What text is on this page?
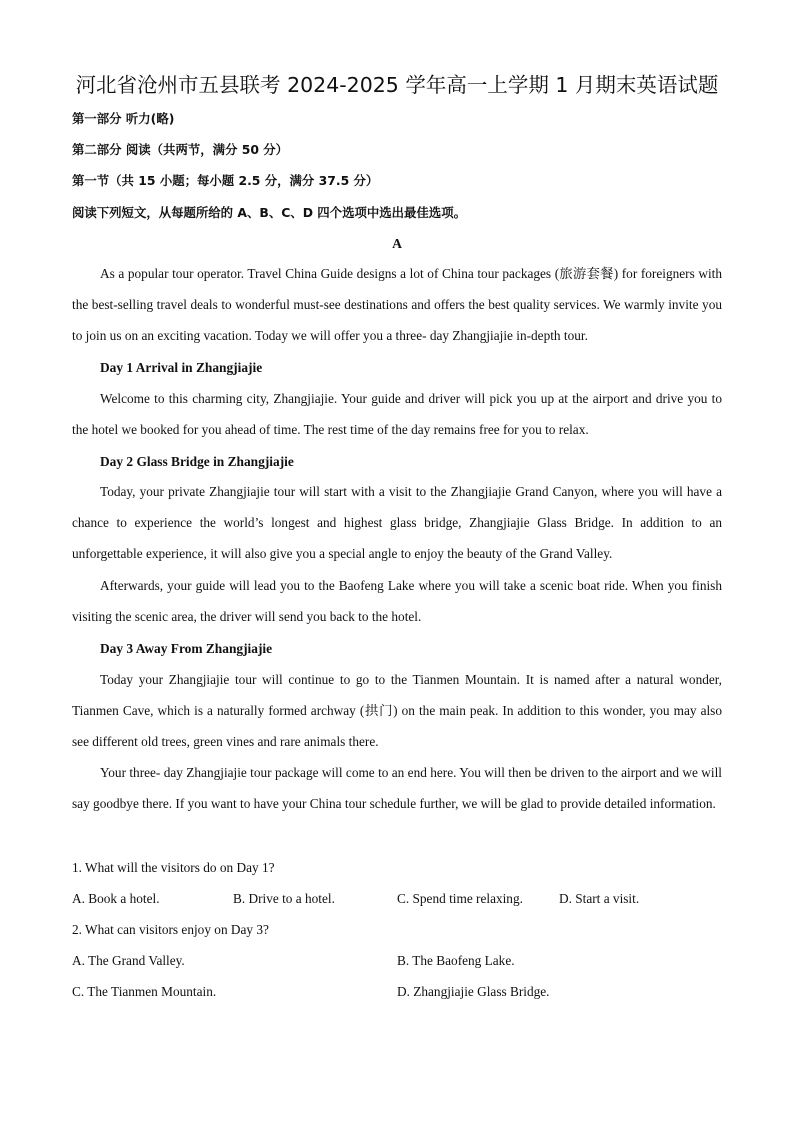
河北省沧州市五县联考 2024-2025 学年高一上学期 1 月期末英语试题
第一部分 听力(略)
第二部分 阅读（共两节，满分 50 分）
第一节（共 15 小题；每小题 2.5 分，满分 37.5 分）
阅读下列短文，从每题所给的 A、B、C、D 四个选项中选出最佳选项。
A
As a popular tour operator. Travel China Guide designs a lot of China tour packages (旅游套餐) for foreigners with the best-selling travel deals to wonderful must-see destinations and offers the best quality services. We warmly invite you to join us on an exciting vacation. Today we will offer you a three- day Zhangjiajie in-depth tour.
Day 1 Arrival in Zhangjiajie
Welcome to this charming city, Zhangjiajie. Your guide and driver will pick you up at the airport and drive you to the hotel we booked for you ahead of time. The rest time of the day remains free for you to relax.
Day 2 Glass Bridge in Zhangjiajie
Today, your private Zhangjiajie tour will start with a visit to the Zhangjiajie Grand Canyon, where you will have a chance to experience the world’s longest and highest glass bridge, Zhangjiajie Glass Bridge. In addition to an unforgettable experience, it will also give you a special angle to enjoy the beauty of the Grand Valley.
Afterwards, your guide will lead you to the Baofeng Lake where you will take a scenic boat ride. When you finish visiting the scenic area, the driver will send you back to the hotel.
Day 3 Away From Zhangjiajie
Today your Zhangjiajie tour will continue to go to the Tianmen Mountain. It is named after a natural wonder, Tianmen Cave, which is a naturally formed archway (拱门) on the main peak. In addition to this wonder, you may also see different old trees, green vines and rare animals there.
Your three- day Zhangjiajie tour package will come to an end here. You will then be driven to the airport and we will say goodbye there. If you want to have your China tour schedule further, we will be glad to provide detailed information.
1. What will the visitors do on Day 1?
A. Book a hotel.	B. Drive to a hotel.	C. Spend time relaxing.	D. Start a visit.
2. What can visitors enjoy on Day 3?
A. The Grand Valley.	B. The Baofeng Lake.
C. The Tianmen Mountain.	D. Zhangjiajie Glass Bridge.
